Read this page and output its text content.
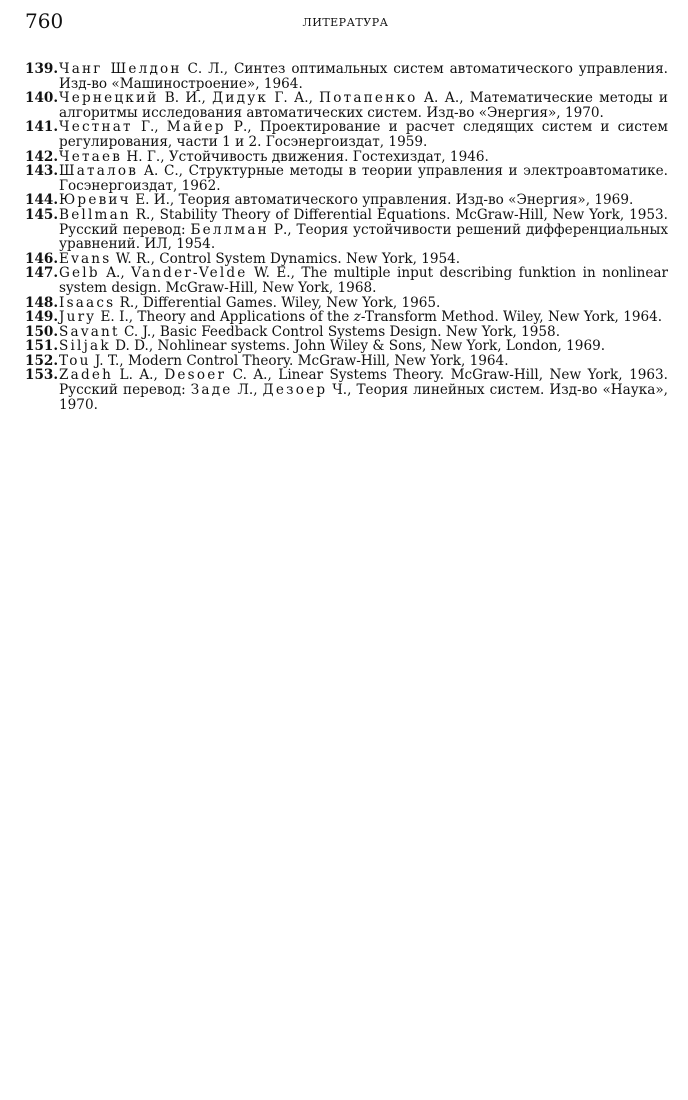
760	ЛИТЕРАТУРА
139. Чанг Шелдон С. Л., Синтез оптимальных систем автоматического управления. Изд-во «Машиностроение», 1964.
140. Чернецкий В. И., Дидук Г. А., Потапенко А. А., Математические методы и алгоритмы исследования автоматических систем. Изд-во «Энергия», 1970.
141. Честнат Г., Майер Р., Проектирование и расчет следящих систем и систем регулирования, части 1 и 2. Госэнергоиздат, 1959.
142. Четаев Н. Г., Устойчивость движения. Гостехиздат, 1946.
143. Шаталов А. С., Структурные методы в теории управления и электроавтоматике. Госэнергоиздат, 1962.
144. Юревич Е. И., Теория автоматического управления. Изд-во «Энергия», 1969.
145. Bellman R., Stability Theory of Differential Equations. McGraw-Hill, New York, 1953. Русский перевод: Беллман Р., Теория устойчивости решений дифференциальных уравнений. ИЛ, 1954.
146. Evans W. R., Control System Dynamics. New York, 1954.
147. Gelb A., Vander-Velde W. E., The multiple input describing funktion in nonlinear system design. McGraw-Hill, New York, 1968.
148. Isaacs R., Differential Games. Wiley, New York, 1965.
149. Jury E. I., Theory and Applications of the z-Transform Method. Wiley, New York, 1964.
150. Savant C. J., Basic Feedback Control Systems Design. New York, 1958.
151. Siljak D. D., Nohlinear systems. John Wiley & Sons, New York, London, 1969.
152. Tou J. T., Modern Control Theory. McGraw-Hill, New York, 1964.
153. Zadeh L. A., Desoer C. A., Linear Systems Theory. McGraw-Hill, New York, 1963. Русский перевод: Заде Л., Дезоер Ч., Теория линейных систем. Изд-во «Наука», 1970.
